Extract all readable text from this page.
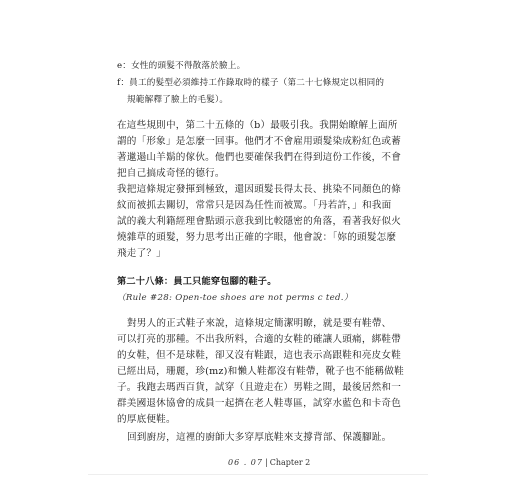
e：女性的頭髮不得散落於臉上。
f：員工的髮型必須維持工作錄取時的樣子（第二十七條規定以相同的
規範解釋了臉上的毛髮）。
在這些規則中，第二十五條的（b）最吸引我。我開始瞭解上面所
謂的「形象」是怎麼一回事。他們才不會雇用頭髮染成粉紅色或蓄
著邋遢山羊鬍的傢伙。他們也要確保我們在得到這份工作後，不會
把自己搞成奇怪的德行。
我把這條規定發揮到極致，還因頭髮長得太長、挑染不同顏色的條
紋而被抓去關切，常常只是因為任性而被罵。「丹若許，」和我面
試的義大利籍經理會點頭示意我到比較隱密的角落，看著我好似火
燒雜草的頭髮，努力思考出正確的字眼，他會說：「妳的頭髮怎麼
飛走了？」
第二十八條：員工只能穿包腳的鞋子。
（Rule #28: Open-toe shoes are not perms c ted.）
對男人的正式鞋子來說，這條規定簡潔明瞭，就是要有鞋帶、
可以打亮的那種。不出我所料，合適的女鞋的確讓人頭痛，綁鞋帶
的女鞋，但不是球鞋，卻又沒有鞋跟，這也表示高跟鞋和亮皮女鞋
已經出局，珊麗，珍(mz)和懶人鞋都沒有鞋帶，靴子也不能稱做鞋
子。我跑去瑪西百貨，試穿（且遊走在）男鞋之間，最後居然和一
群美國退休協會的成員一起擠在老人鞋專區，試穿水藍色和卡奇色
的厚底便鞋。
回到廚房，這裡的廚師大多穿厚底鞋來支撐背部、保護腳趾。
06 . 07 | Chapter 2
